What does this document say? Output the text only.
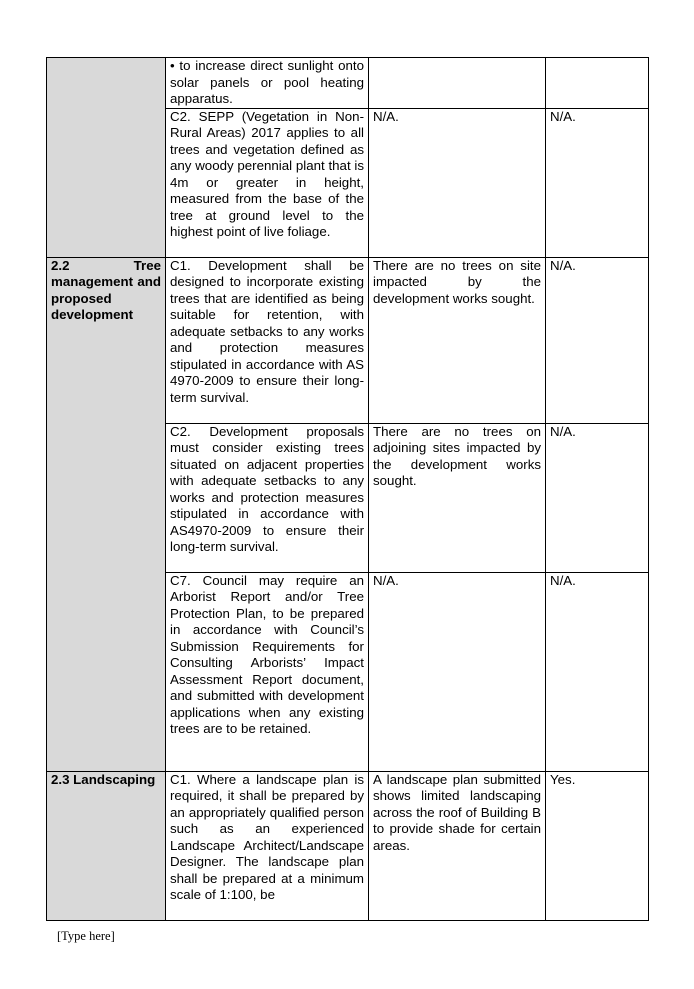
	• to increase direct sunlight onto solar panels or pool heating apparatus.		
	C2. SEPP (Vegetation in Non-Rural Areas) 2017 applies to all trees and vegetation defined as any woody perennial plant that is 4m or greater in height, measured from the base of the tree at ground level to the highest point of live foliage.	N/A.	N/A.

2.2 Tree management and proposed development	C1. Development shall be designed to incorporate existing trees that are identified as being suitable for retention, with adequate setbacks to any works and protection measures stipulated in accordance with AS 4970-2009 to ensure their long-term survival.	There are no trees on site impacted by the development works sought.	N/A.
	C2. Development proposals must consider existing trees situated on adjacent properties with adequate setbacks to any works and protection measures stipulated in accordance with AS4970-2009 to ensure their long-term survival.	There are no trees on adjoining sites impacted by the development works sought.	N/A.
	C7. Council may require an Arborist Report and/or Tree Protection Plan, to be prepared in accordance with Council’s Submission Requirements for Consulting Arborists’ Impact Assessment Report document, and submitted with development applications when any existing trees are to be retained.	N/A.	N/A.

2.3 Landscaping	C1. Where a landscape plan is required, it shall be prepared by an appropriately qualified person such as an experienced Landscape Architect/Landscape Designer. The landscape plan shall be prepared at a minimum scale of 1:100, be	A landscape plan submitted shows limited landscaping across the roof of Building B to provide shade for certain areas.	Yes.
[Type here]
